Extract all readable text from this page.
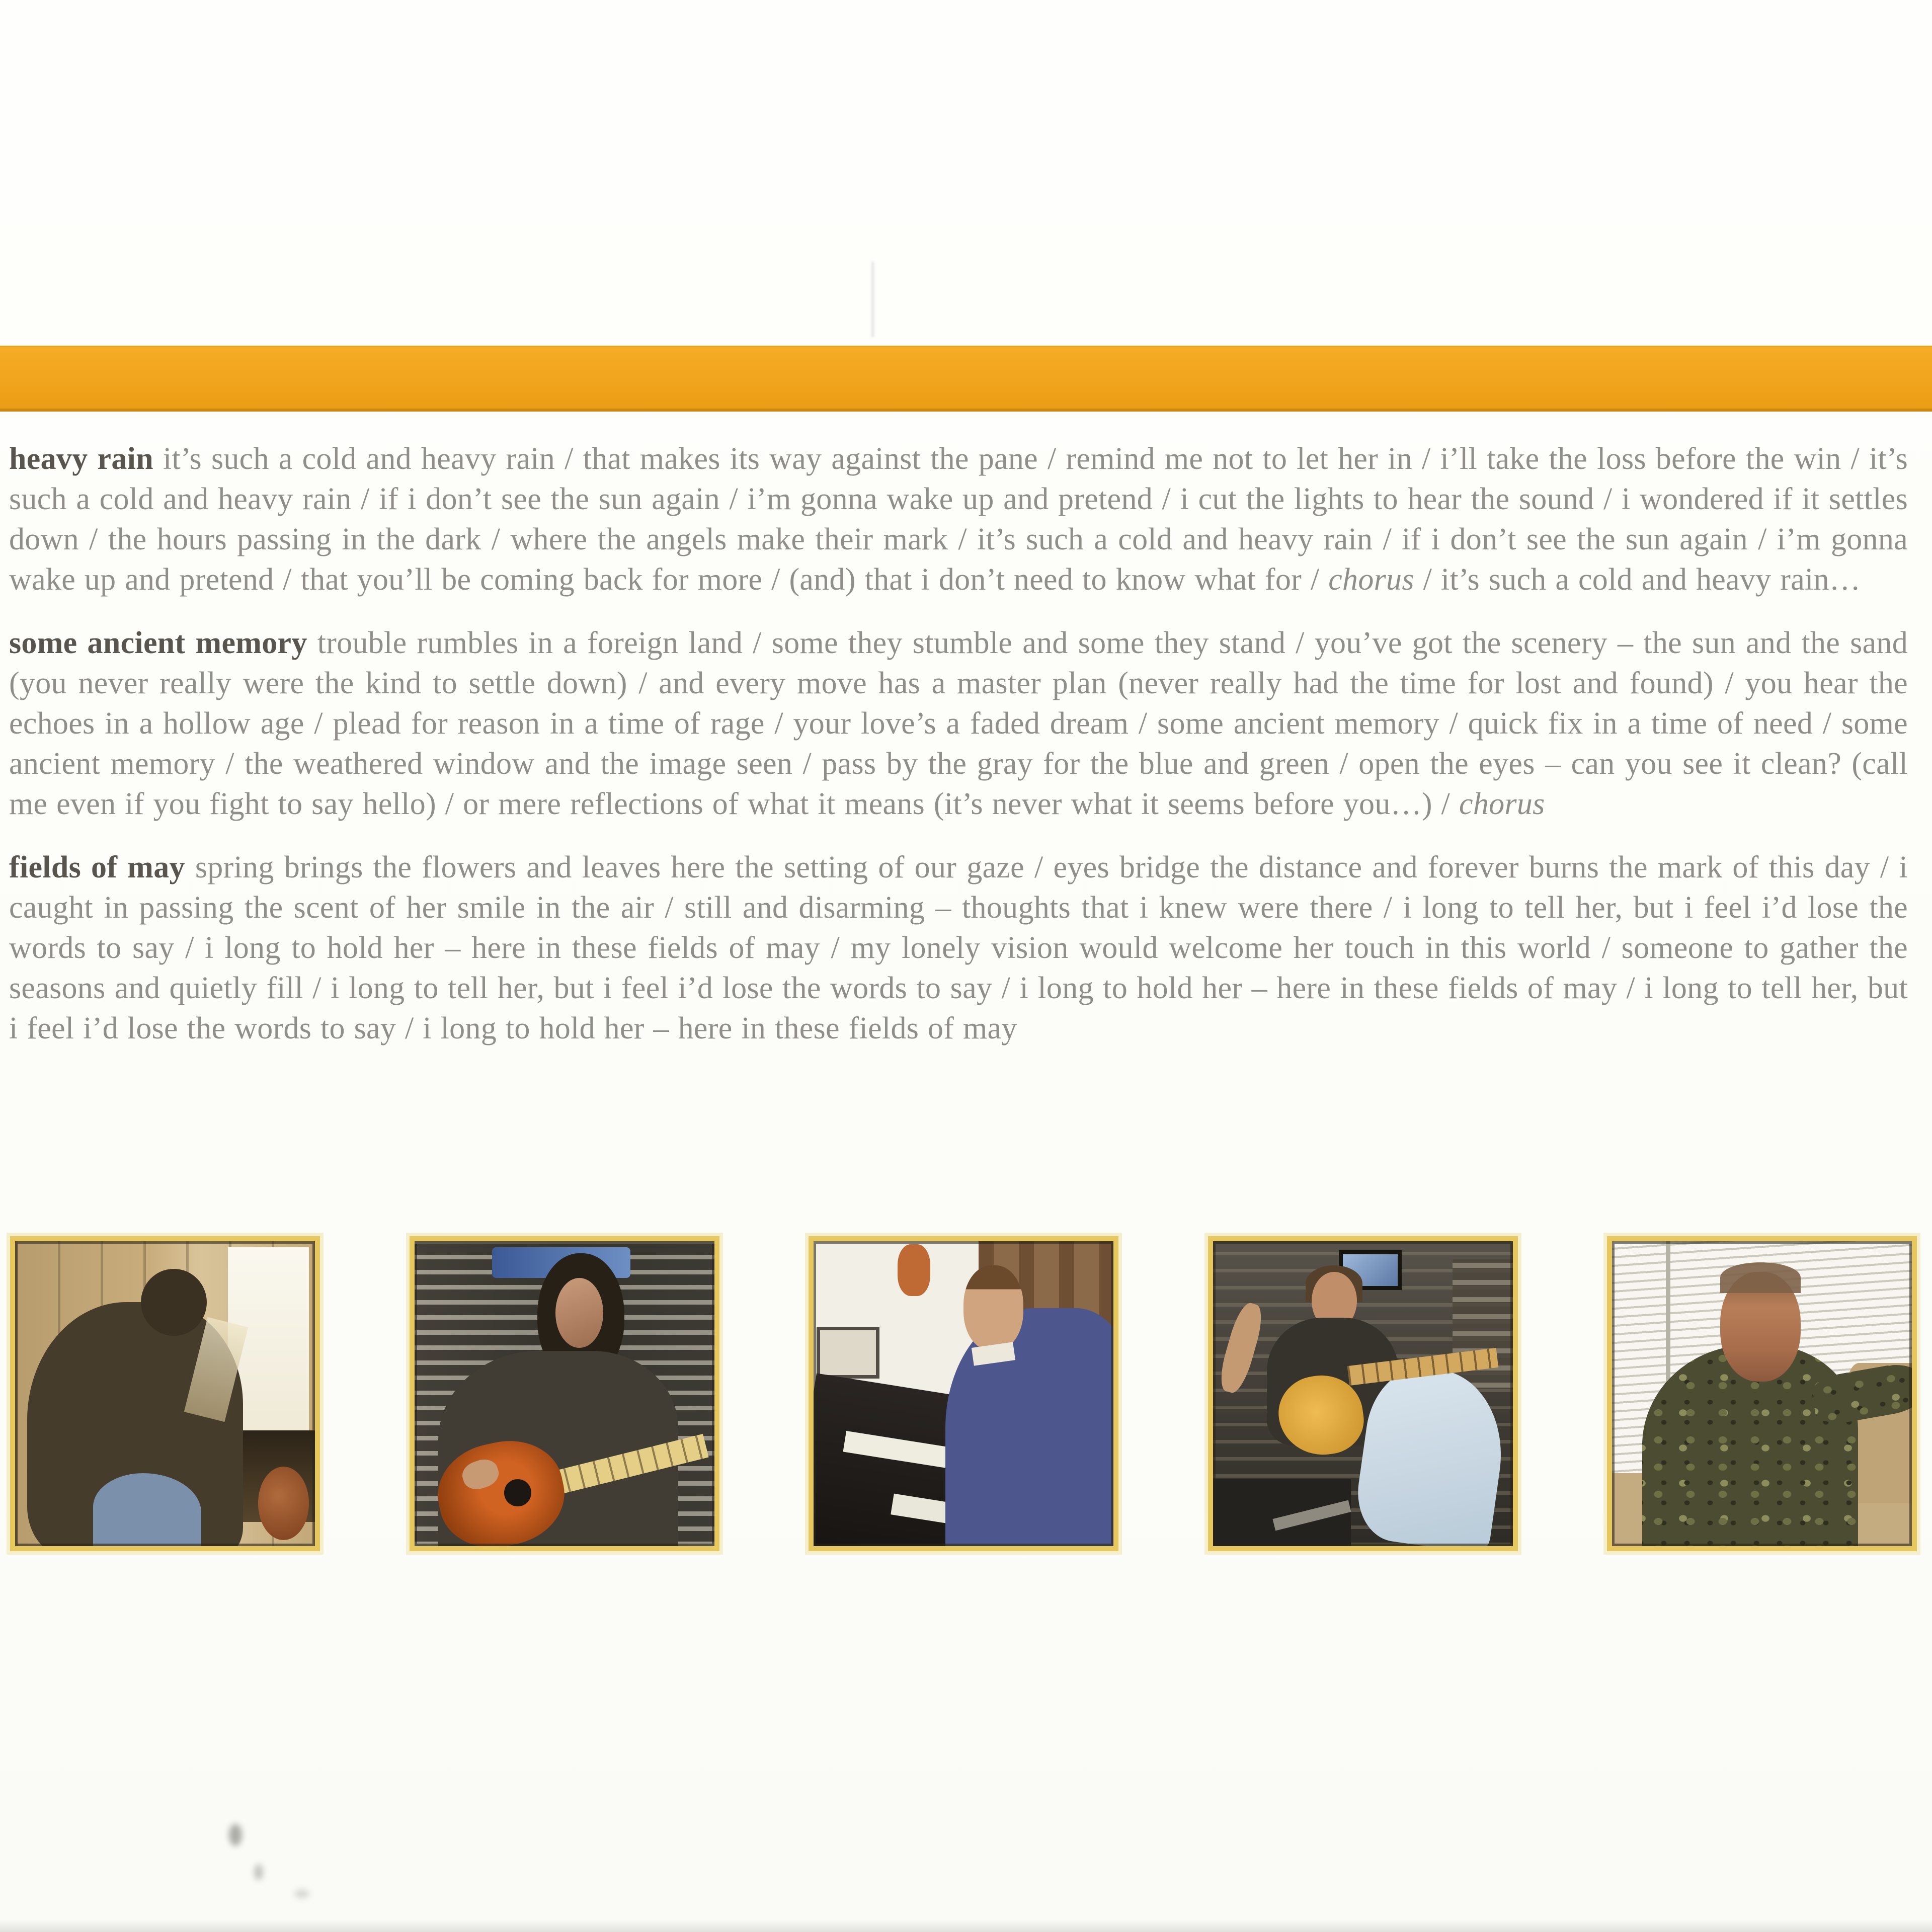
heavy rain it’s such a cold and heavy rain / that makes its way against the pane / remind me not to let her in / i’ll take the loss before the win / it’s such a cold and heavy rain / if i don’t see the sun again / i’m gonna wake up and pretend / i cut the lights to hear the sound / i wondered if it settles down / the hours passing in the dark / where the angels make their mark / it’s such a cold and heavy rain / if i don’t see the sun again / i’m gonna wake up and pretend / that you’ll be coming back for more / (and) that i don’t need to know what for / chorus / it’s such a cold and heavy rain…

some ancient memory trouble rumbles in a foreign land / some they stumble and some they stand / you’ve got the scenery – the sun and the sand (you never really were the kind to settle down) / and every move has a master plan (never really had the time for lost and found) / you hear the echoes in a hollow age / plead for reason in a time of rage / your love’s a faded dream / some ancient memory / quick fix in a time of need / some ancient memory / the weathered window and the image seen / pass by the gray for the blue and green / open the eyes – can you see it clean? (call me even if you fight to say hello) / or mere reflections of what it means (it’s never what it seems before you…) / chorus

fields of may spring brings the flowers and leaves here the setting of our gaze / eyes bridge the distance and forever burns the mark of this day / i caught in passing the scent of her smile in the air / still and disarming – thoughts that i knew were there / i long to tell her, but i feel i’d lose the words to say / i long to hold her – here in these fields of may / my lonely vision would welcome her touch in this world / someone to gather the seasons and quietly fill / i long to tell her, but i feel i’d lose the words to say / i long to hold her – here in these fields of may / i long to tell her, but i feel i’d lose the words to say / i long to hold her – here in these fields of may
